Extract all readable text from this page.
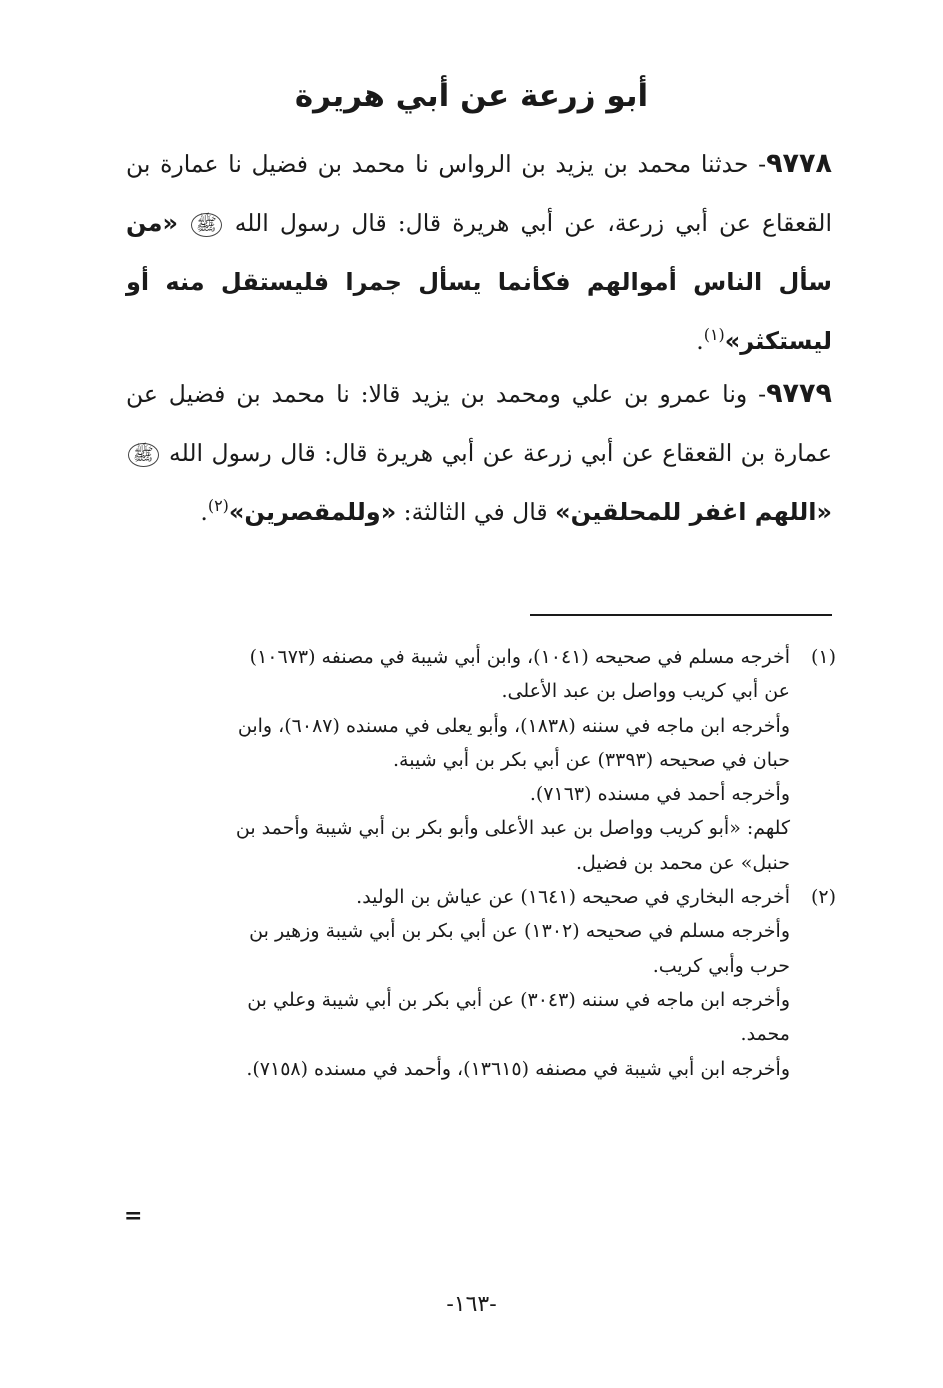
أبو زرعة عن أبي هريرة
٩٧٧٨- حدثنا محمد بن يزيد بن الرواس نا محمد بن فضيل نا عمارة بن القعقاع عن أبي زرعة، عن أبي هريرة قال: قال رسول الله ﷺ «من سأل الناس أموالهم فكأنما يسأل جمرا فليستقل منه أو ليستكثر»$^{(١)}$.
٩٧٧٩- ونا عمرو بن علي ومحمد بن يزيد قالا: نا محمد بن فضيل عن عمارة بن القعقاع عن أبي زرعة عن أبي هريرة قال: قال رسول الله ﷺ «اللهم اغفر للمحلقين» قال في الثالثة: «وللمقصرين»$^{(٢)}$.
(١)أخرجه مسلم في صحيحه (١٠٤١)، وابن أبي شيبة في مصنفه (١٠٦٧٣)
عن أبي كريب وواصل بن عبد الأعلى.
وأخرجه ابن ماجه في سننه (١٨٣٨)، وأبو يعلى في مسنده (٦٠٨٧)، وابن
حبان في صحيحه (٣٣٩٣) عن أبي بكر بن أبي شيبة.
وأخرجه أحمد في مسنده (٧١٦٣).
كلهم: «أبو كريب وواصل بن عبد الأعلى وأبو بكر بن أبي شيبة وأحمد بن
حنبل» عن محمد بن فضيل.
(٢)أخرجه البخاري في صحيحه (١٦٤١) عن عياش بن الوليد.
وأخرجه مسلم في صحيحه (١٣٠٢) عن أبي بكر بن أبي شيبة وزهير بن
حرب وأبي كريب.
وأخرجه ابن ماجه في سننه (٣٠٤٣) عن أبي بكر بن أبي شيبة وعلي بن
محمد.
وأخرجه ابن أبي شيبة في مصنفه (١٣٦١٥)، وأحمد في مسنده (٧١٥٨).
=
-١٦٣-
